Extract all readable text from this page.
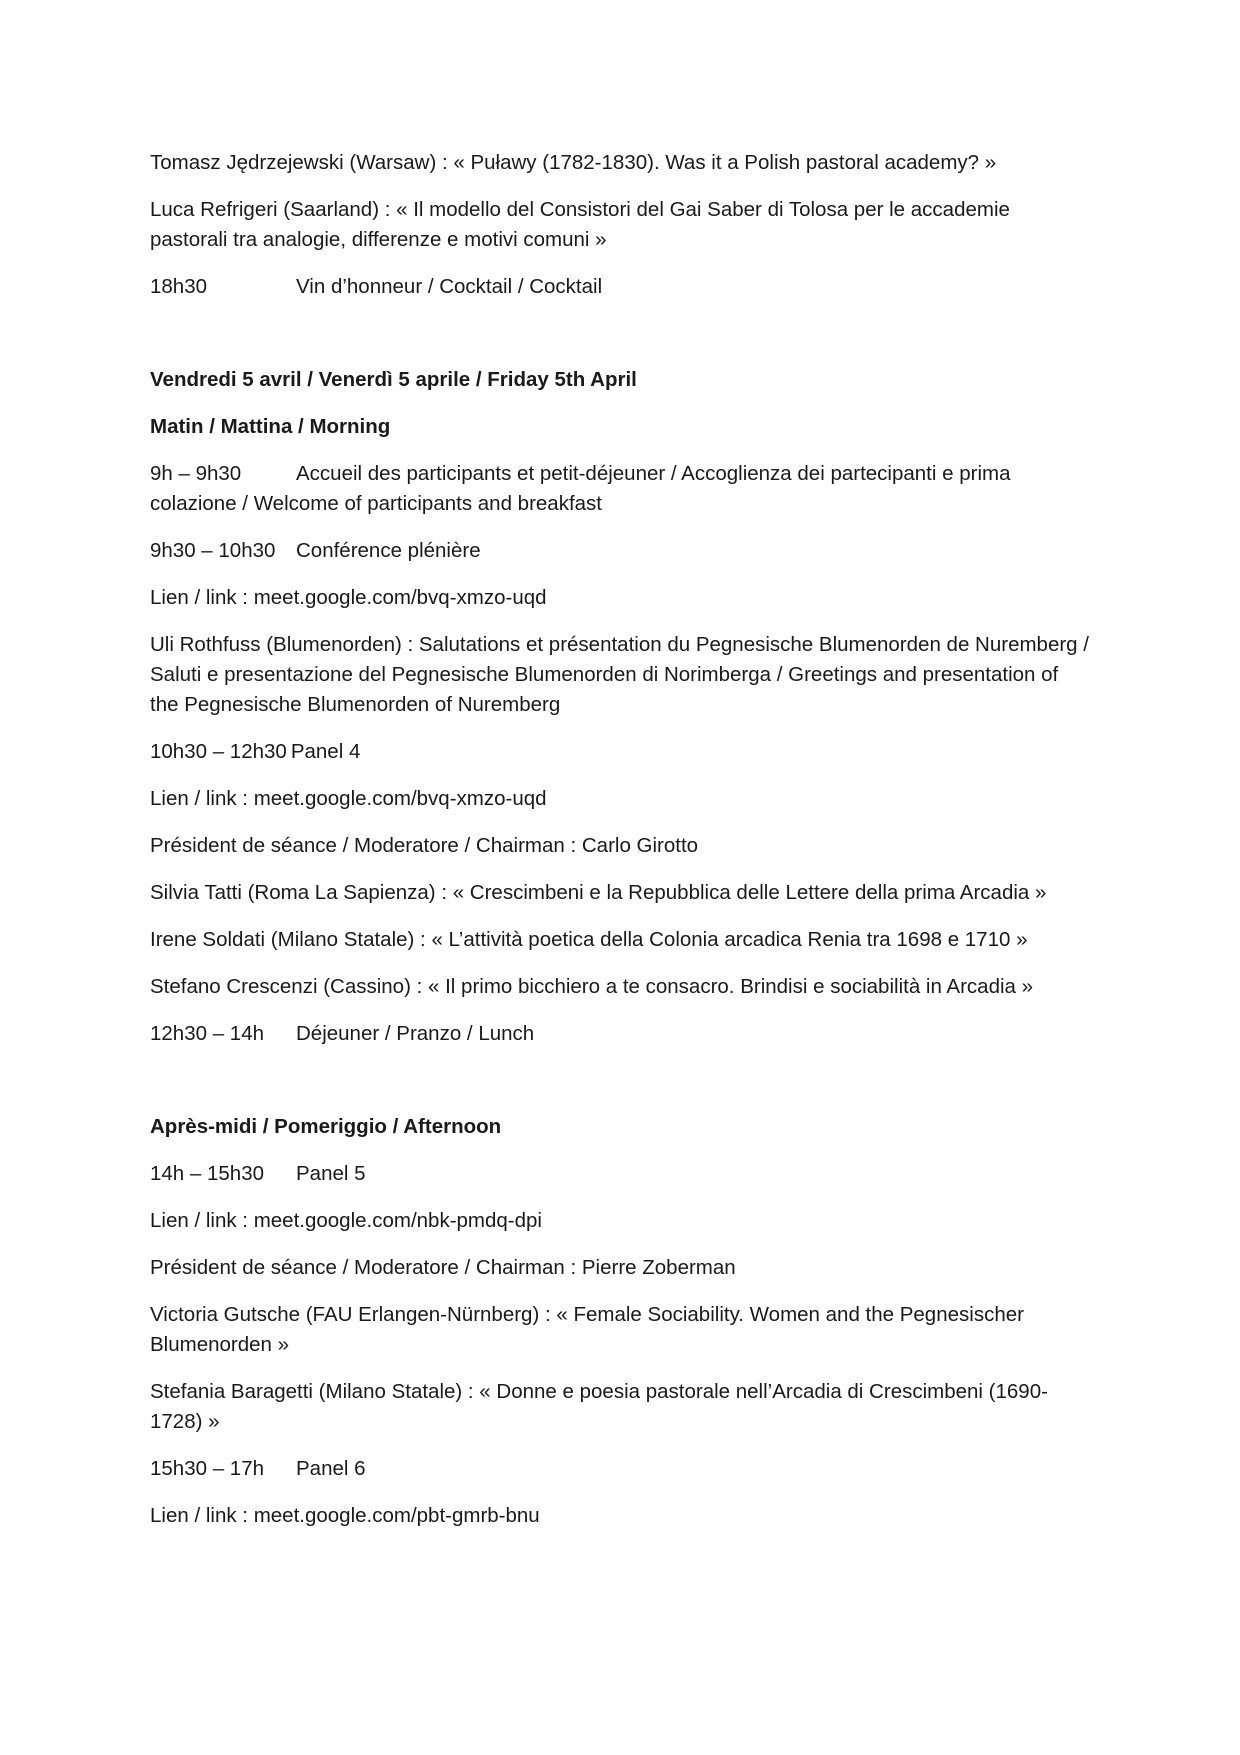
Tomasz Jędrzejewski (Warsaw) : « Puławy (1782-1830). Was it a Polish pastoral academy? »

Luca Refrigeri (Saarland) : « Il modello del Consistori del Gai Saber di Tolosa per le accademie pastorali tra analogie, differenze e motivi comuni »

18h30	Vin d’honneur / Cocktail / Cocktail

Vendredi 5 avril / Venerdì 5 aprile / Friday 5th April

Matin / Mattina / Morning

9h – 9h30	Accueil des participants et petit-déjeuner / Accoglienza dei partecipanti e prima colazione / Welcome of participants and breakfast

9h30 – 10h30 Conférence plénière

Lien / link : meet.google.com/bvq-xmzo-uqd

Uli Rothfuss (Blumenorden) : Salutations et présentation du Pegnesische Blumenorden de Nuremberg / Saluti e presentazione del Pegnesische Blumenorden di Norimberga / Greetings and presentation of the Pegnesische Blumenorden of Nuremberg

10h30 – 12h30 Panel 4

Lien / link : meet.google.com/bvq-xmzo-uqd

Président de séance / Moderatore / Chairman : Carlo Girotto

Silvia Tatti (Roma La Sapienza) : « Crescimbeni e la Repubblica delle Lettere della prima Arcadia »

Irene Soldati (Milano Statale) : « L’attività poetica della Colonia arcadica Renia tra 1698 e 1710 »

Stefano Crescenzi (Cassino) : « Il primo bicchiero a te consacro. Brindisi e sociabilità in Arcadia »

12h30 – 14h Déjeuner / Pranzo / Lunch

Après-midi / Pomeriggio / Afternoon

14h – 15h30 Panel 5

Lien / link : meet.google.com/nbk-pmdq-dpi

Président de séance / Moderatore / Chairman : Pierre Zoberman

Victoria Gutsche (FAU Erlangen-Nürnberg) : « Female Sociability. Women and the Pegnesischer Blumenorden »

Stefania Baragetti (Milano Statale) : « Donne e poesia pastorale nell’Arcadia di Crescimbeni (1690-1728) »

15h30 – 17h Panel 6

Lien / link : meet.google.com/pbt-gmrb-bnu
